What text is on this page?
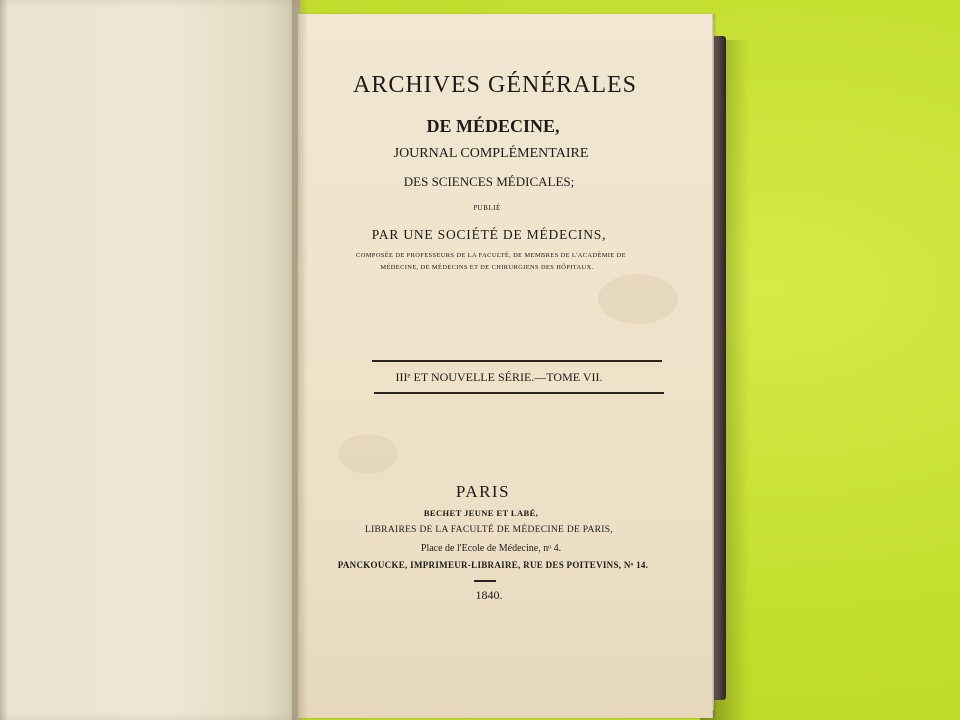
ARCHIVES GÉNÉRALES
DE MÉDECINE,
JOURNAL COMPLÉMENTAIRE
DES SCIENCES MÉDICALES;
PUBLIÉ
PAR UNE SOCIÉTÉ DE MÉDECINS,
COMPOSÉE DE PROFESSEURS DE LA FACULTÉ, DE MEMBRES DE L'ACADÉMIE DE
MÉDECINE, DE MÉDECINS ET DE CHIRURGIENS DES HÔPITAUX.
IIIᵉ ET NOUVELLE SÉRIE.—TOME VII.
PARIS
BECHET JEUNE ET LABÉ,
LIBRAIRES DE LA FACULTÉ DE MÉDECINE DE PARIS,
Place de l'Ecole de Médecine, nᵒ 4.
PANCKOUCKE, IMPRIMEUR-LIBRAIRE, RUE DES POITEVINS, Nᵒ 14.
1840.
